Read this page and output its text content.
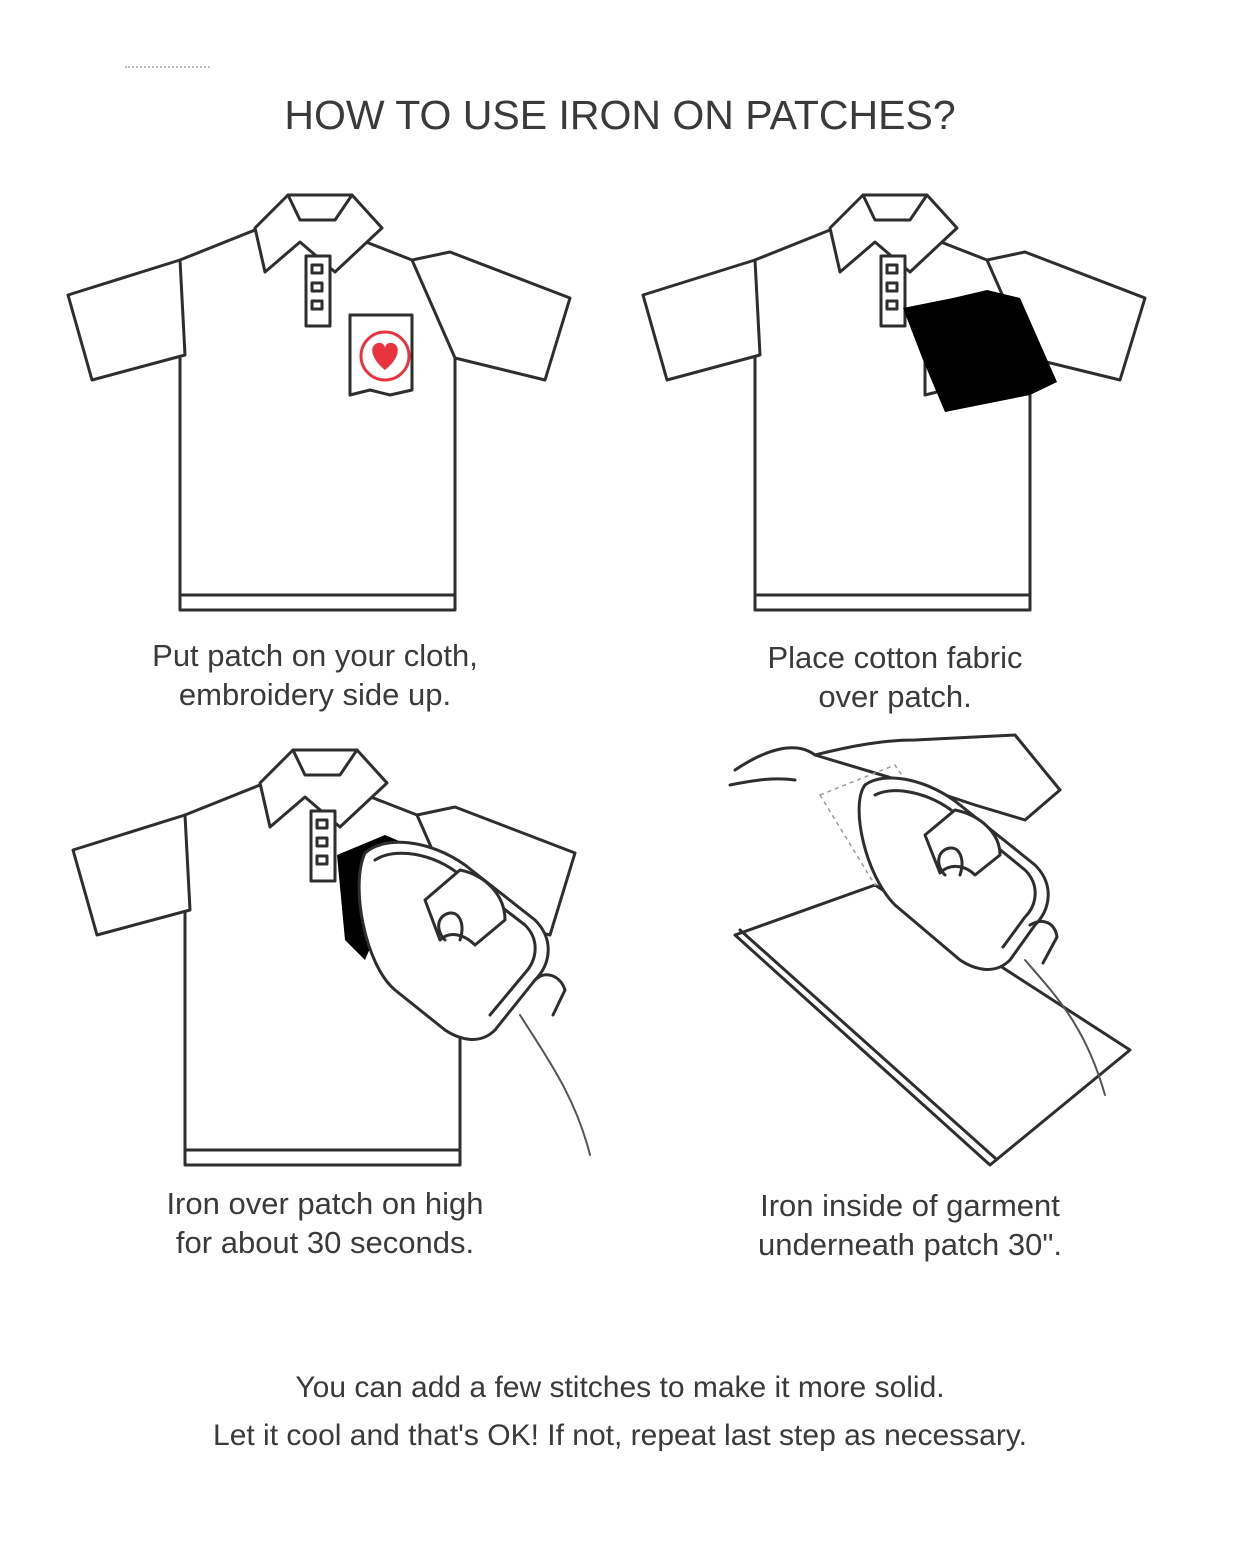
HOW TO USE IRON ON PATCHES?
Put patch on your cloth,
embroidery side up.
Place cotton fabric
over patch.
Iron over patch on high
for about 30 seconds.
Iron inside of garment
underneath patch 30".
You can add a few stitches to make it more solid.
Let it cool and that's OK! If not, repeat last step as necessary.
